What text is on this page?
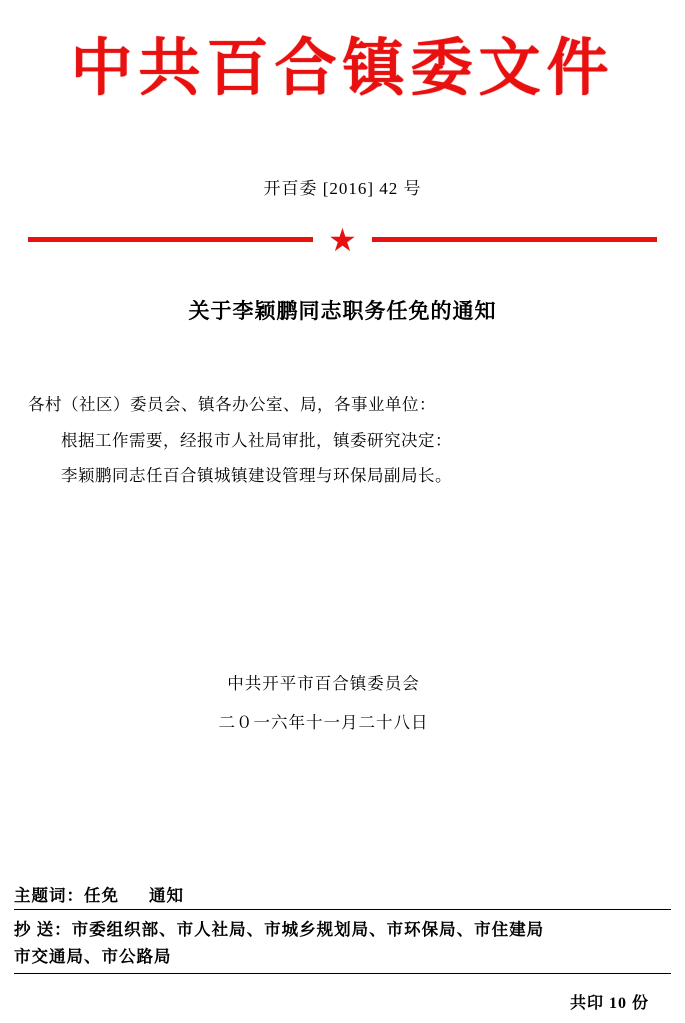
中共百合镇委文件
开百委 [2016] 42 号
★
关于李颖鹏同志职务任免的通知

各村（社区）委员会、镇各办公室、局，各事业单位：

根据工作需要，经报市人社局审批，镇委研究决定：

李颖鹏同志任百合镇城镇建设管理与环保局副局长。

中共开平市百合镇委员会
二０一六年十一月二十八日
主题词：任免 通知
抄 送：市委组织部、市人社局、市城乡规划局、市环保局、市住建局
市交通局、市公路局
共印 10 份
